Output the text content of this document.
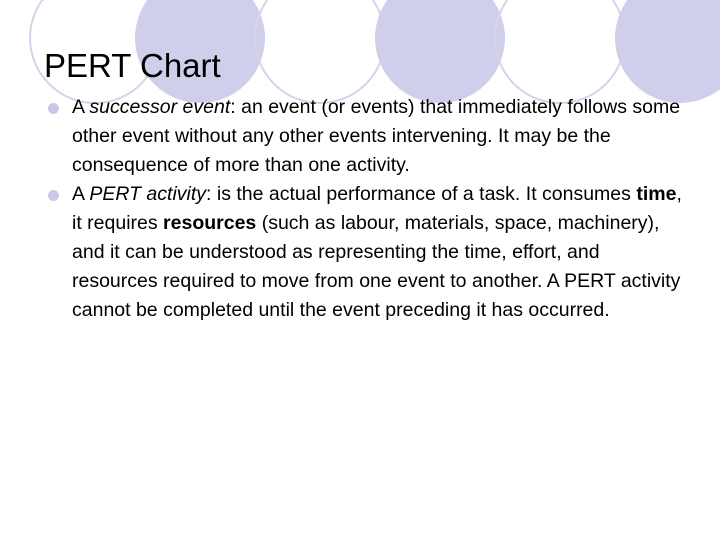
PERT Chart

A successor event: an event (or events) that immediately follows some other event without any other events intervening. It may be the consequence of more than one activity.

A PERT activity: is the actual performance of a task. It consumes time, it requires resources (such as labour, materials, space, machinery), and it can be understood as representing the time, effort, and resources required to move from one event to another. A PERT activity cannot be completed until the event preceding it has occurred.
